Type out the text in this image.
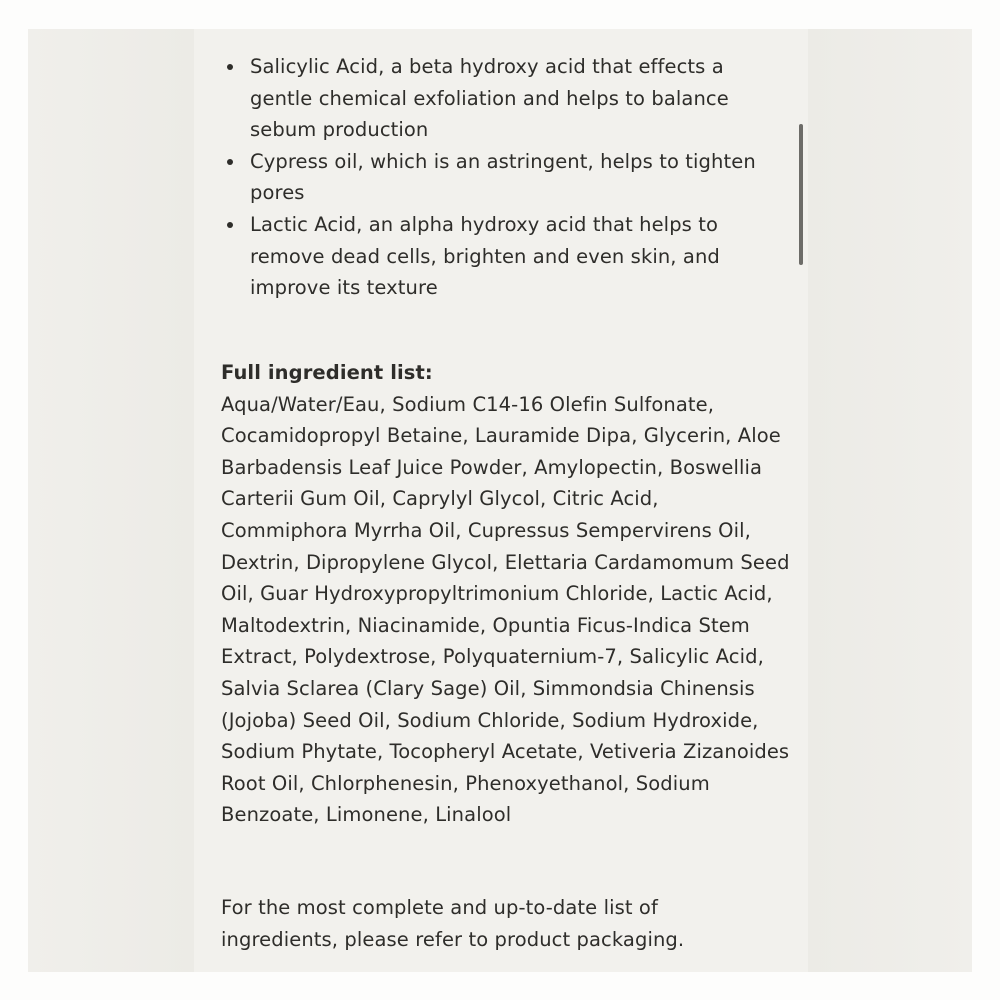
Salicylic Acid, a beta hydroxy acid that effects a gentle chemical exfoliation and helps to balance sebum production
Cypress oil, which is an astringent, helps to tighten pores
Lactic Acid, an alpha hydroxy acid that helps to remove dead cells, brighten and even skin, and improve its texture

Full ingredient list:

Aqua/Water/Eau, Sodium C14-16 Olefin Sulfonate, Cocamidopropyl Betaine, Lauramide Dipa, Glycerin, Aloe Barbadensis Leaf Juice Powder, Amylopectin, Boswellia Carterii Gum Oil, Caprylyl Glycol, Citric Acid, Commiphora Myrrha Oil, Cupressus Sempervirens Oil, Dextrin, Dipropylene Glycol, Elettaria Cardamomum Seed Oil, Guar Hydroxypropyltrimonium Chloride, Lactic Acid, Maltodextrin, Niacinamide, Opuntia Ficus-Indica Stem Extract, Polydextrose, Polyquaternium-7, Salicylic Acid, Salvia Sclarea (Clary Sage) Oil, Simmondsia Chinensis (Jojoba) Seed Oil, Sodium Chloride, Sodium Hydroxide, Sodium Phytate, Tocopheryl Acetate, Vetiveria Zizanoides Root Oil, Chlorphenesin, Phenoxyethanol, Sodium Benzoate, Limonene, Linalool

For the most complete and up-to-date list of ingredients, please refer to product packaging.
